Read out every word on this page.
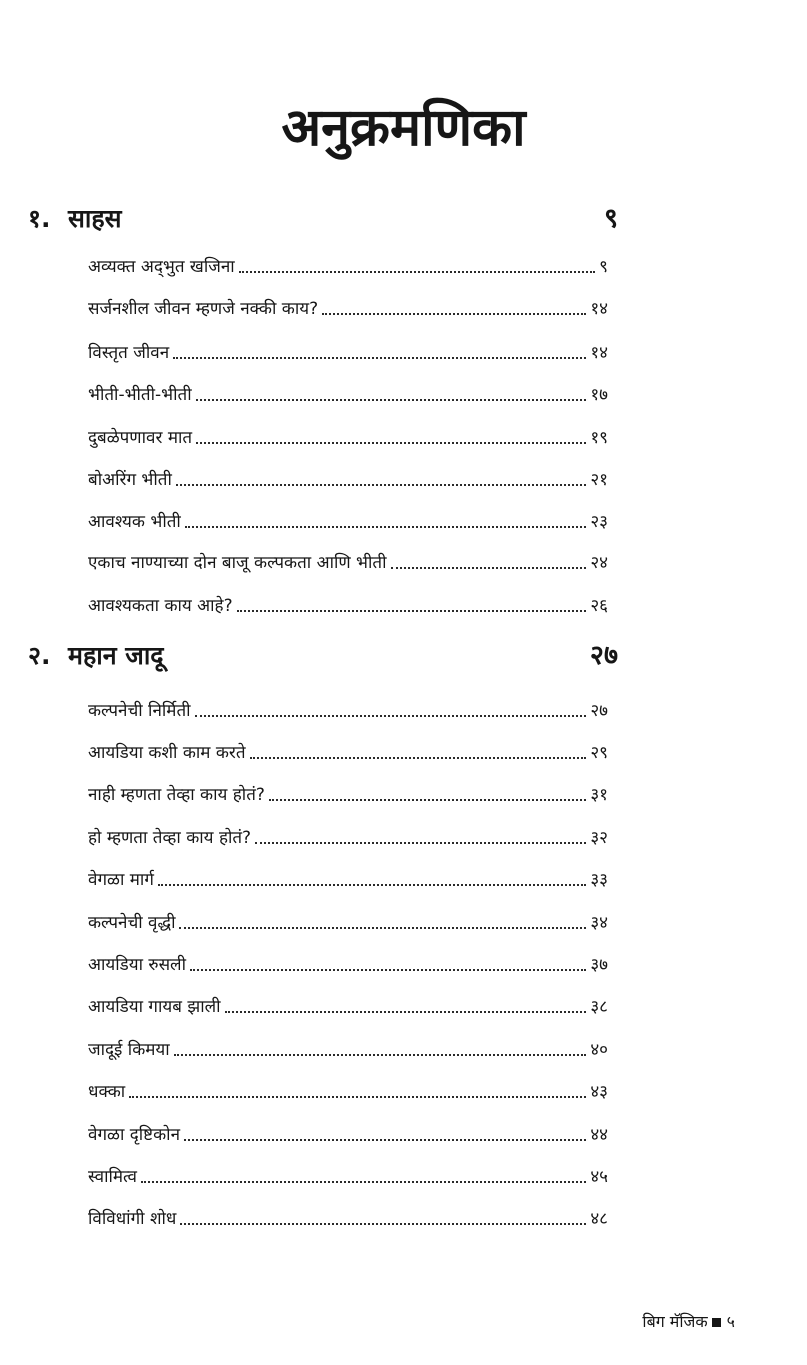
अनुक्रमणिका
१. साहस	९
अव्यक्त अद्‌भुत खजिना	९
सर्जनशील जीवन म्हणजे नक्की काय?	१४
विस्तृत जीवन	१४
भीती-भीती-भीती	१७
दुबळेपणावर मात	१९
बोअरिंग भीती	२१
आवश्यक भीती	२३
एकाच नाण्याच्या दोन बाजू कल्पकता आणि भीती	२४
आवश्यकता काय आहे?	२६
२. महान जादू	२७
कल्पनेची निर्मिती	२७
आयडिया कशी काम करते	२९
नाही म्हणता तेव्हा काय होतं?	३१
हो म्हणता तेव्हा काय होतं?	३२
वेगळा मार्ग	३३
कल्पनेची वृद्धी	३४
आयडिया रुसली	३७
आयडिया गायब झाली	३८
जादूई किमया	४०
धक्का	४३
वेगळा दृष्टिकोन	४४
स्वामित्व	४५
विविधांगी शोध	४८
बिग मॅजिक ५
